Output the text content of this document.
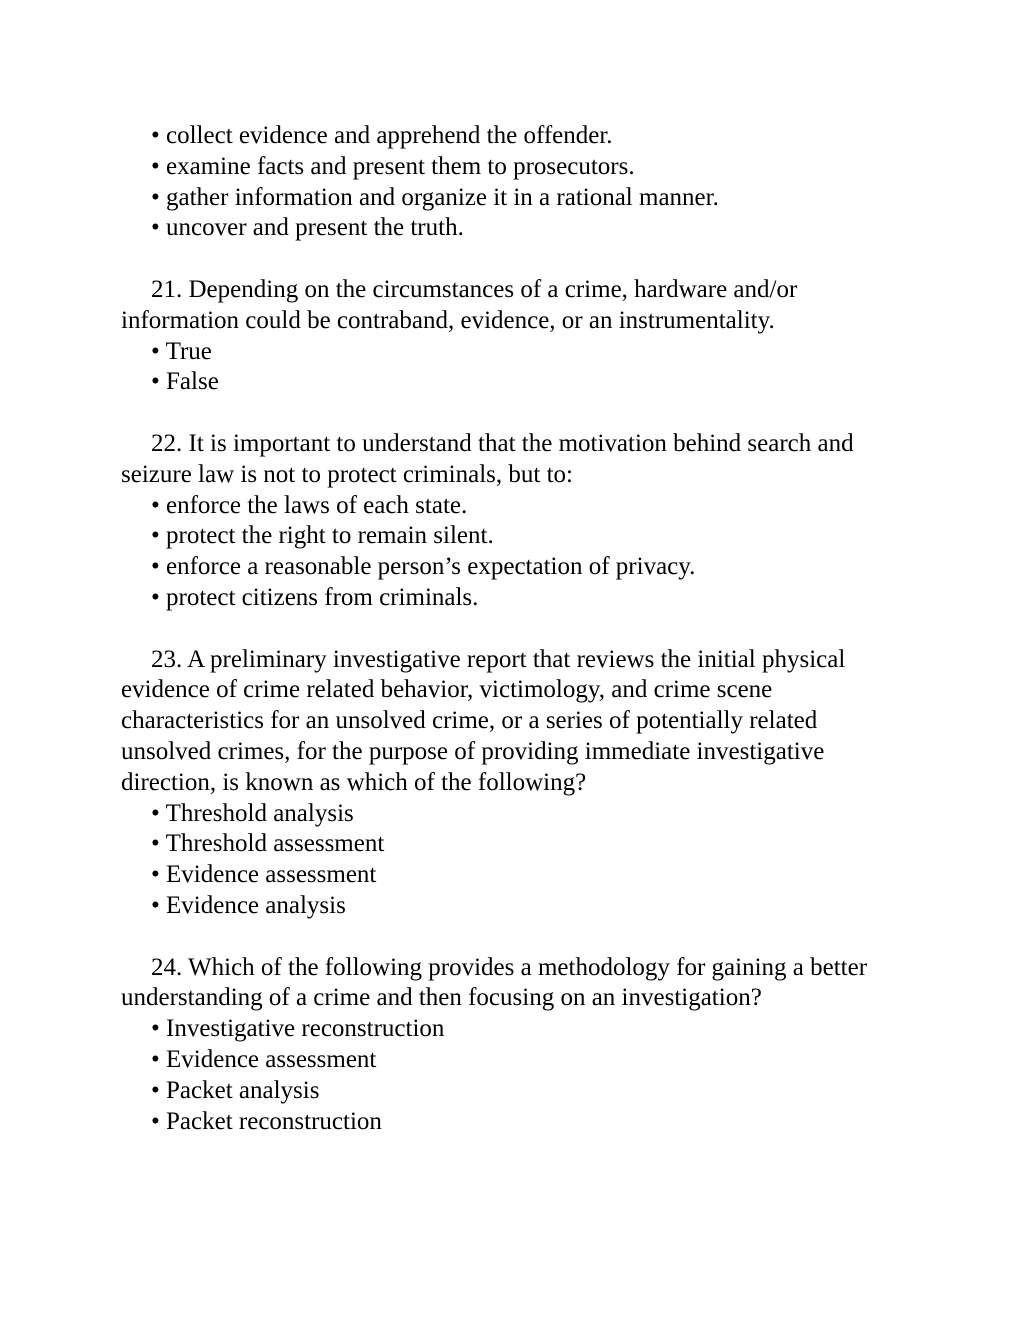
• collect evidence and apprehend the offender.
• examine facts and present them to prosecutors.
• gather information and organize it in a rational manner.
• uncover and present the truth.
21. Depending on the circumstances of a crime, hardware and/or information could be contraband, evidence, or an instrumentality.
• True
• False
22. It is important to understand that the motivation behind search and seizure law is not to protect criminals, but to:
• enforce the laws of each state.
• protect the right to remain silent.
• enforce a reasonable person’s expectation of privacy.
• protect citizens from criminals.
23. A preliminary investigative report that reviews the initial physical evidence of crime related behavior, victimology, and crime scene characteristics for an unsolved crime, or a series of potentially related unsolved crimes, for the purpose of providing immediate investigative direction, is known as which of the following?
• Threshold analysis
• Threshold assessment
• Evidence assessment
• Evidence analysis
24. Which of the following provides a methodology for gaining a better understanding of a crime and then focusing on an investigation?
• Investigative reconstruction
• Evidence assessment
• Packet analysis
• Packet reconstruction
